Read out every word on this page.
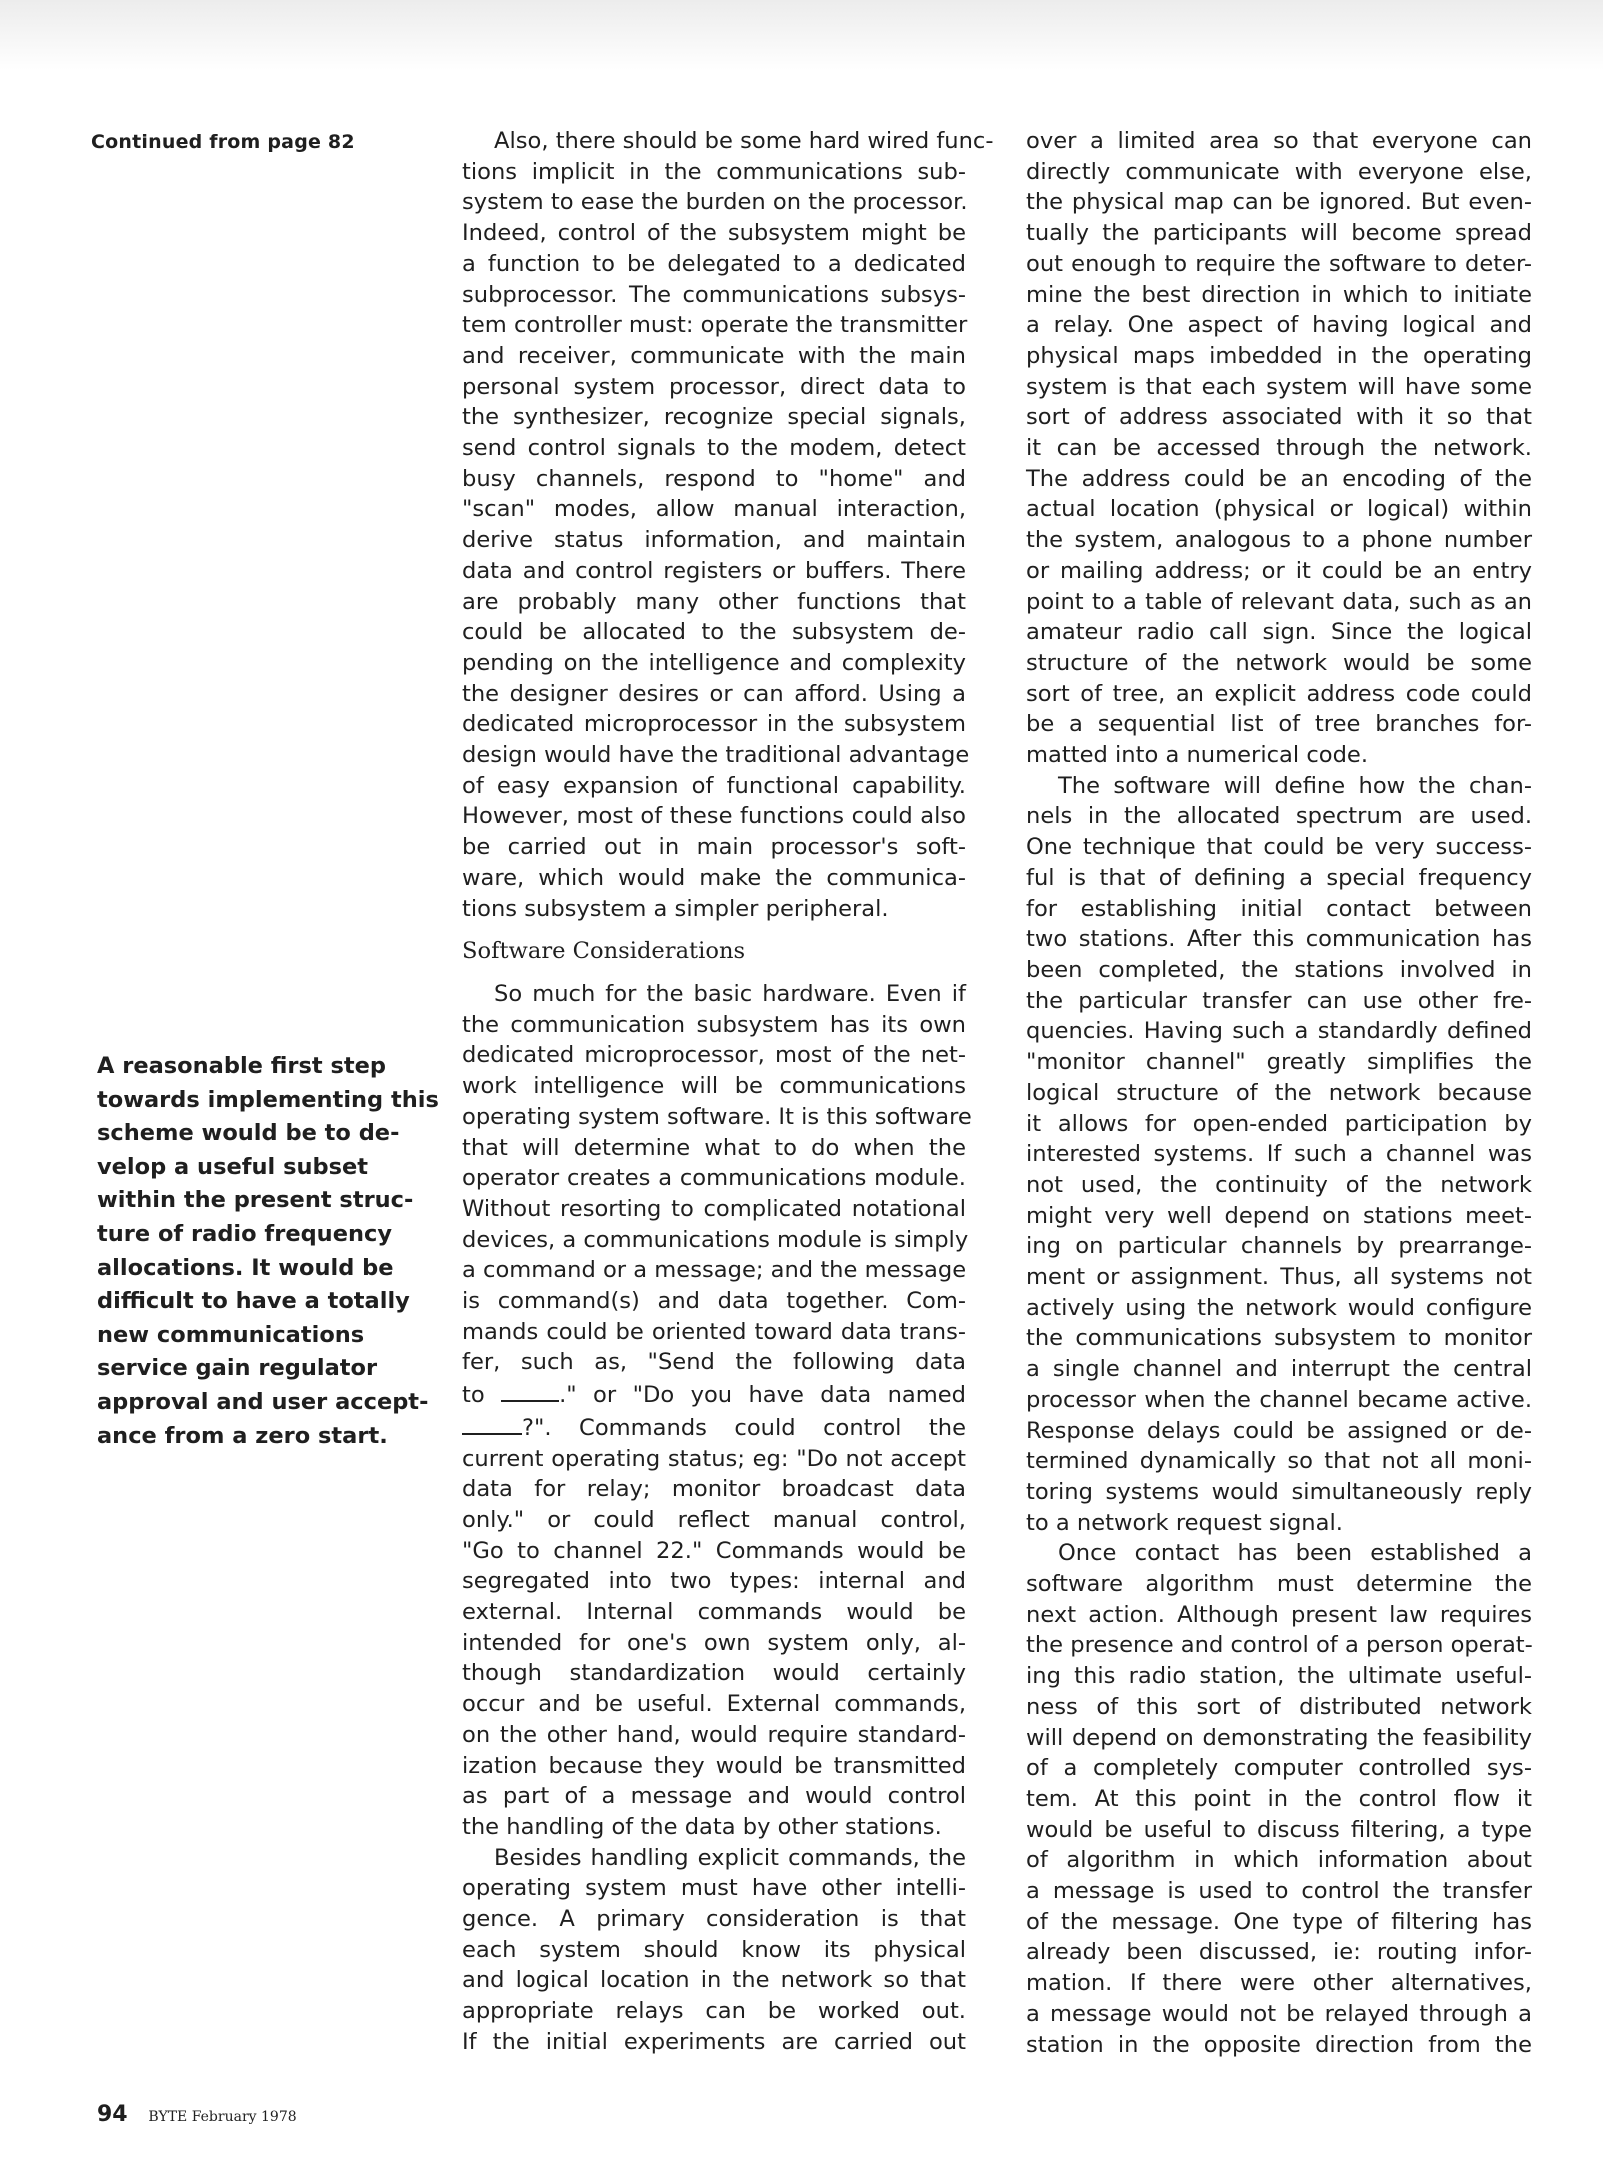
Continued from page 82
A reasonable first step
towards implementing this
scheme would be to de-
velop a useful subset
within the present struc-
ture of radio frequency
allocations. It would be
difficult to have a totally
new communications
service gain regulator
approval and user accept-
ance from a zero start.
Also, there should be some hard wired func-
tions implicit in the communications sub-
system to ease the burden on the processor.
Indeed, control of the subsystem might be
a function to be delegated to a dedicated
subprocessor. The communications subsys-
tem controller must: operate the transmitter
and receiver, communicate with the main
personal system processor, direct data to
the synthesizer, recognize special signals,
send control signals to the modem, detect
busy channels, respond to "home" and
"scan" modes, allow manual interaction,
derive status information, and maintain
data and control registers or buffers. There
are probably many other functions that
could be allocated to the subsystem de-
pending on the intelligence and complexity
the designer desires or can afford. Using a
dedicated microprocessor in the subsystem
design would have the traditional advantage
of easy expansion of functional capability.
However, most of these functions could also
be carried out in main processor's soft-
ware, which would make the communica-
tions subsystem a simpler peripheral.
Software Considerations
So much for the basic hardware. Even if
the communication subsystem has its own
dedicated microprocessor, most of the net-
work intelligence will be communications
operating system software. It is this software
that will determine what to do when the
operator creates a communications module.
Without resorting to complicated notational
devices, a communications module is simply
a command or a message; and the message
is command(s) and data together. Com-
mands could be oriented toward data trans-
fer, such as, "Send the following data
to	." or "Do you have data named
?". Commands could control the
current operating status; eg: "Do not accept
data for relay; monitor broadcast data
only." or could reflect manual control,
"Go to channel 22." Commands would be
segregated into two types: internal and
external. Internal commands would be
intended for one's own system only, al-
though standardization would certainly
occur and be useful. External commands,
on the other hand, would require standard-
ization because they would be transmitted
as part of a message and would control
the handling of the data by other stations.
Besides handling explicit commands, the
operating system must have other intelli-
gence. A primary consideration is that
each system should know its physical
and logical location in the network so that
appropriate relays can be worked out.
If the initial experiments are carried out
over a limited area so that everyone can
directly communicate with everyone else,
the physical map can be ignored. But even-
tually the participants will become spread
out enough to require the software to deter-
mine the best direction in which to initiate
a relay. One aspect of having logical and
physical maps imbedded in the operating
system is that each system will have some
sort of address associated with it so that
it can be accessed through the network.
The address could be an encoding of the
actual location (physical or logical) within
the system, analogous to a phone number
or mailing address; or it could be an entry
point to a table of relevant data, such as an
amateur radio call sign. Since the logical
structure of the network would be some
sort of tree, an explicit address code could
be a sequential list of tree branches for-
matted into a numerical code.
The software will define how the chan-
nels in the allocated spectrum are used.
One technique that could be very success-
ful is that of defining a special frequency
for establishing initial contact between
two stations. After this communication has
been completed, the stations involved in
the particular transfer can use other fre-
quencies. Having such a standardly defined
"monitor channel" greatly simplifies the
logical structure of the network because
it allows for open-ended participation by
interested systems. If such a channel was
not used, the continuity of the network
might very well depend on stations meet-
ing on particular channels by prearrange-
ment or assignment. Thus, all systems not
actively using the network would configure
the communications subsystem to monitor
a single channel and interrupt the central
processor when the channel became active.
Response delays could be assigned or de-
termined dynamically so that not all moni-
toring systems would simultaneously reply
to a network request signal.
Once contact has been established a
software algorithm must determine the
next action. Although present law requires
the presence and control of a person operat-
ing this radio station, the ultimate useful-
ness of this sort of distributed network
will depend on demonstrating the feasibility
of a completely computer controlled sys-
tem. At this point in the control flow it
would be useful to discuss filtering, a type
of algorithm in which information about
a message is used to control the transfer
of the message. One type of filtering has
already been discussed, ie: routing infor-
mation. If there were other alternatives,
a message would not be relayed through a
station in the opposite direction from the
94 BYTE February 1978
